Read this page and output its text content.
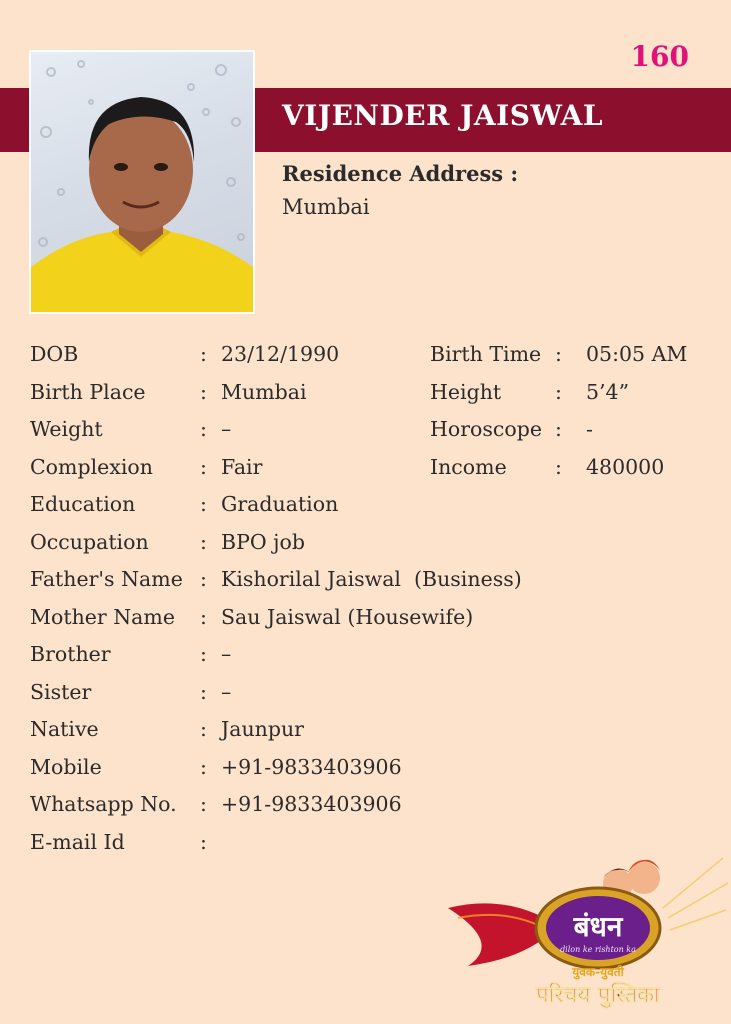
160
VIJENDER JAISWAL
Residence Address :
Mumbai
DOB	: 23/12/1990	Birth Time : 05:05 AM
Birth Place	: Mumbai	Height	: 5’4”
Weight	: –	Horoscope : -
Complexion : Fair	Income : 480000
Education	: Graduation
Occupation	: BPO job
Father's Name : Kishorilal Jaiswal  (Business)
Mother Name : Sau Jaiswal (Housewife)
Brother	: –
Sister	: –
Native	: Jaunpur
Mobile	: +91-9833403906
Whatsapp No. : +91-9833403906
E-mail Id	:
बंधन
dilon ke rishton ka
युवक-युवती
परिचय पुस्तिका
